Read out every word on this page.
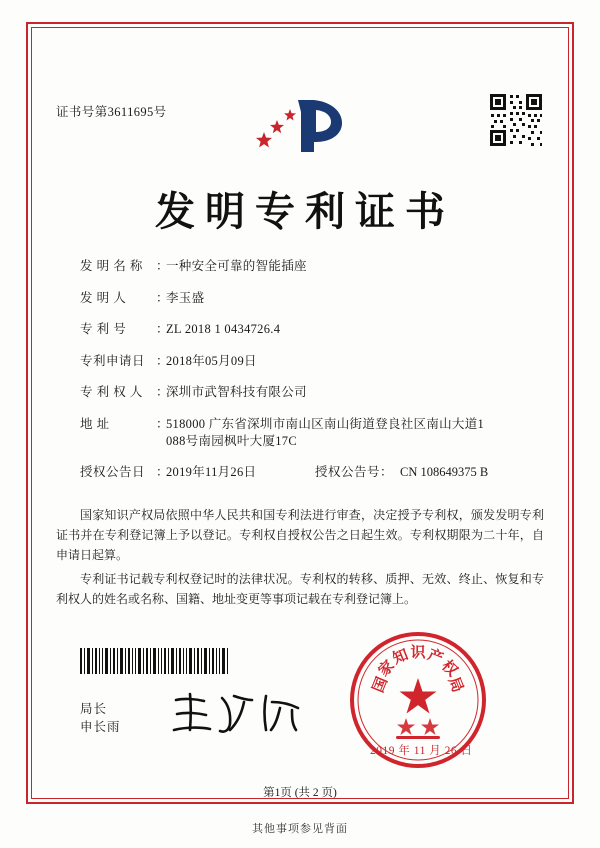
证书号第3611695号
发明专利证书
发 明 名 称	：
一种安全可靠的智能插座
发 明 人	：
李玉盛
专 利 号	：
ZL 2018 1 0434726.4
专利申请日 ：
2018年05月09日
专 利 权 人	：
深圳市武智科技有限公司
地 址	：
518000 广东省深圳市南山区南山街道登良社区南山大道1
088号南园枫叶大厦17C
授权公告日 ：
2019年11月26日	授权公告号 ： CN 108649375 B

国家知识产权局依照中华人民共和国专利法进行审查，决定授予专利权，颁发发明专利证书并在专利登记簿上予以登记。专利权自授权公告之日起生效。专利权期限为二十年，自申请日起算。

专利证书记载专利权登记时的法律状况。专利权的转移、质押、无效、终止、恢复和专利权人的姓名或名称、国籍、地址变更等事项记载在专利登记簿上。

国
家
知 识 产
权
局
2019 年 11 月 26 日
局长
申长雨
第1页 (共 2 页)
其他事项参见背面
